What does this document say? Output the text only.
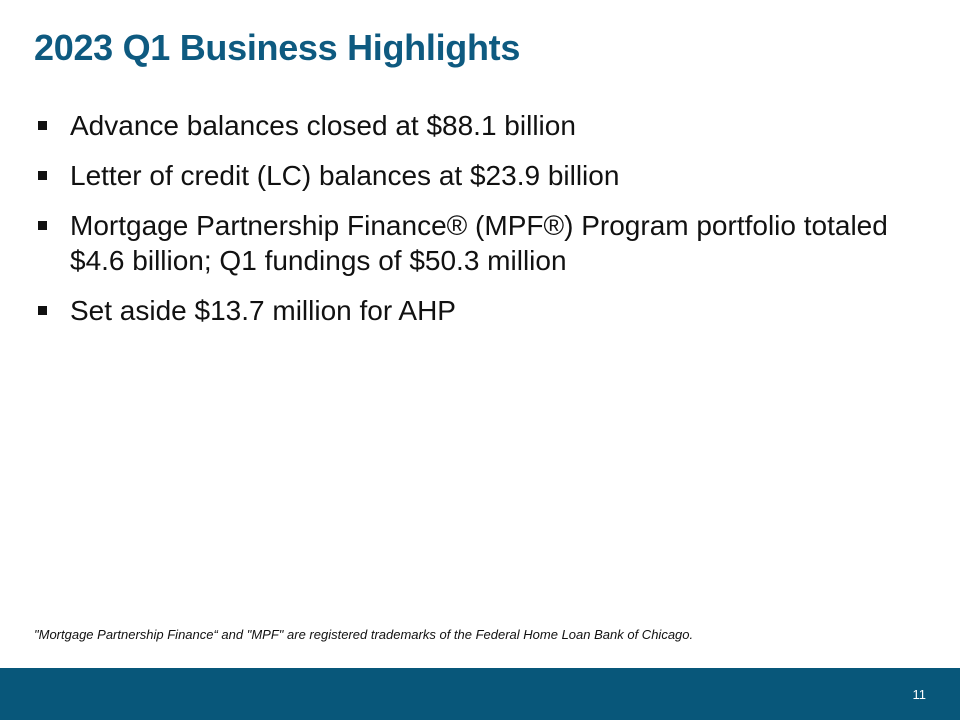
2023 Q1 Business Highlights
Advance balances closed at $88.1 billion
Letter of credit (LC) balances at $23.9 billion
Mortgage Partnership Finance® (MPF®) Program portfolio totaled $4.6 billion; Q1 fundings of $50.3 million
Set aside $13.7 million for AHP

"Mortgage Partnership Finance“ and "MPF" are registered trademarks of the Federal Home Loan Bank of Chicago.

11
